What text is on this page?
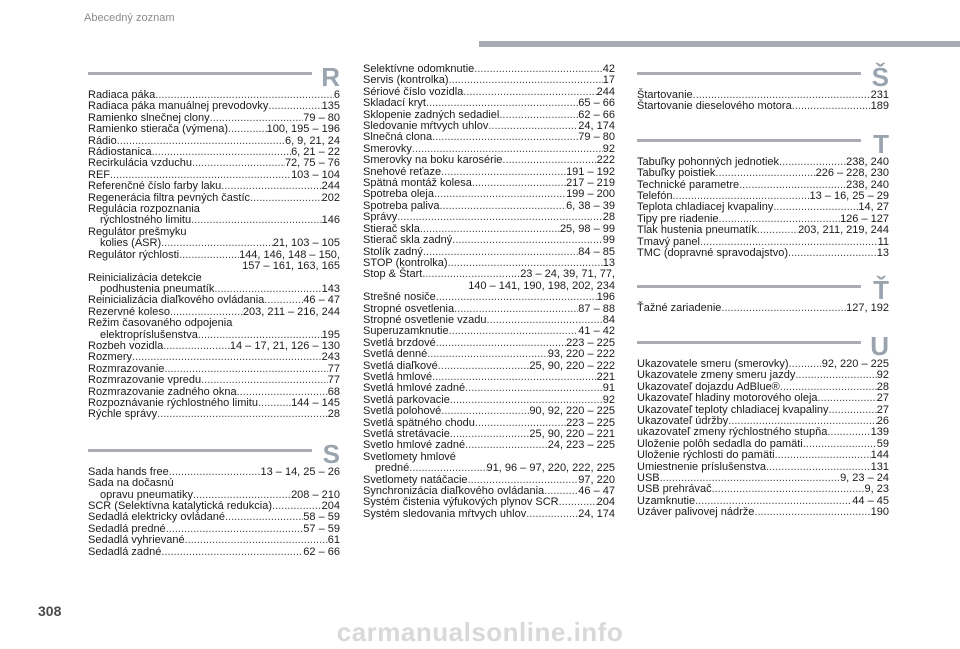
Abecedný zoznam
R
Radiaca páka .....	6
Radiaca páka manuálnej prevodovky .....	135
Ramienko slnečnej clony .....	79 – 80
Ramienko stierača (výmena) .....	100, 195 – 196
Rádio .....	6, 9, 21, 24
Rádiostanica .....	6, 21 – 22
Recirkulácia vzduchu .....	72, 75 – 76
REF .....	103 – 104
Referenčné číslo farby laku .....	244
Regenerácia filtra pevných častíc .....	202
Regulácia rozpoznania
rýchlostného limitu .....	146
Regulátor prešmyku
kolies (ASR) .....	21, 103 – 105
Regulátor rýchlosti .....	144, 146, 148 – 150,
157 – 161, 163, 165
Reinicializácia detekcie
podhustenia pneumatík .....	143
Reinicializácia diaľkového ovládania .....	46 – 47
Rezervné koleso .....	203, 211 – 216, 244
Režim časovaného odpojenia
elektropríslušenstva .....	195
Rozbeh vozidla .....	14 – 17, 21, 126 – 130
Rozmery .....	243
Rozmrazovanie .....	77
Rozmrazovanie vpredu .....	77
Rozmrazovanie zadného okna .....	68
Rozpoznávanie rýchlostného limitu .....	144 – 145
Rýchle správy .....	28
S
Sada hands free .....	13 – 14, 25 – 26
Sada na dočasnú
opravu pneumatiky .....	208 – 210
SCR (Selektívna katalytická redukcia) .....	204
Sedadlá elektricky ovládané .....	58 – 59
Sedadlá predné .....	57 – 59
Sedadlá vyhrievané .....	61
Sedadlá zadné .....	62 – 66
Selektívne odomknutie .....	42
Servis (kontrolka) .....	17
Sériové číslo vozidla .....	244
Skladací kryt .....	65 – 66
Sklopenie zadných sedadiel .....	62 – 66
Sledovanie mŕtvych uhlov .....	24, 174
Slnečná clona .....	79 – 80
Smerovky .....	92
Smerovky na boku karosérie .....	222
Snehové reťaze .....	191 – 192
Spätná montáž kolesa .....	217 – 219
Spotreba oleja .....	199 – 200
Spotreba paliva .....	6, 38 – 39
Správy .....	28
Stierač skla .....	25, 98 – 99
Stierač skla zadný .....	99
Stolík zadný .....	84 – 85
STOP (kontrolka) .....	13
Stop & Štart .....	23 – 24, 39, 71, 77,
140 – 141, 190, 198, 202, 234
Strešné nosiče .....	196
Stropné osvetlenia .....	87 – 88
Stropné osvetlenie vzadu .....	84
Superuzamknutie .....	41 – 42
Svetlá brzdové .....	223 – 225
Svetlá denné .....	93, 220 – 222
Svetlá diaľkové .....	25, 90, 220 – 222
Svetlá hmlové .....	221
Svetlá hmlové zadné .....	91
Svetlá parkovacie .....	92
Svetlá polohové .....	90, 92, 220 – 225
Svetlá spätného chodu .....	223 – 225
Svetlá stretávacie .....	25, 90, 220 – 221
Svetlo hmlové zadné .....	24, 223 – 225
Svetlomety hmlové
predné .....	91, 96 – 97, 220, 222, 225
Svetlomety natáčacie .....	97, 220
Synchronizácia diaľkového ovládania .....	46 – 47
Systém čistenia výfukových plynov SCR .....	204
Systém sledovania mŕtvych uhlov .....	24, 174
Š
Štartovanie .....	231
Štartovanie dieselového motora .....	189
T
Tabuľky pohonných jednotiek .....	238, 240
Tabuľky poistiek .....	226 – 228, 230
Technické parametre .....	238, 240
Telefón .....	13 – 16, 25 – 29
Teplota chladiacej kvapaliny .....	14, 27
Tipy pre riadenie .....	126 – 127
Tlak hustenia pneumatík .....	203, 211, 219, 244
Tmavý panel .....	11
TMC (dopravné spravodajstvo) .....	13
Ť
Ťažné zariadenie .....	127, 192
U
Ukazovatele smeru (smerovky) .....	92, 220 – 225
Ukazovatele zmeny smeru jazdy .....	92
Ukazovateľ dojazdu AdBlue® .....	28
Ukazovateľ hladiny motorového oleja .....	27
Ukazovateľ teploty chladiacej kvapaliny .....	27
Ukazovateľ údržby .....	26
ukazovateľ zmeny rýchlostného stupňa .....	139
Uloženie polôh sedadla do pamäti .....	59
Uloženie rýchlosti do pamäti .....	144
Umiestnenie príslušenstva .....	131
USB .....	9, 23 – 24
USB prehrávač .....	9, 23
Uzamknutie .....	44 – 45
Uzáver palivovej nádrže .....	190
308
carmanualsonline.info
